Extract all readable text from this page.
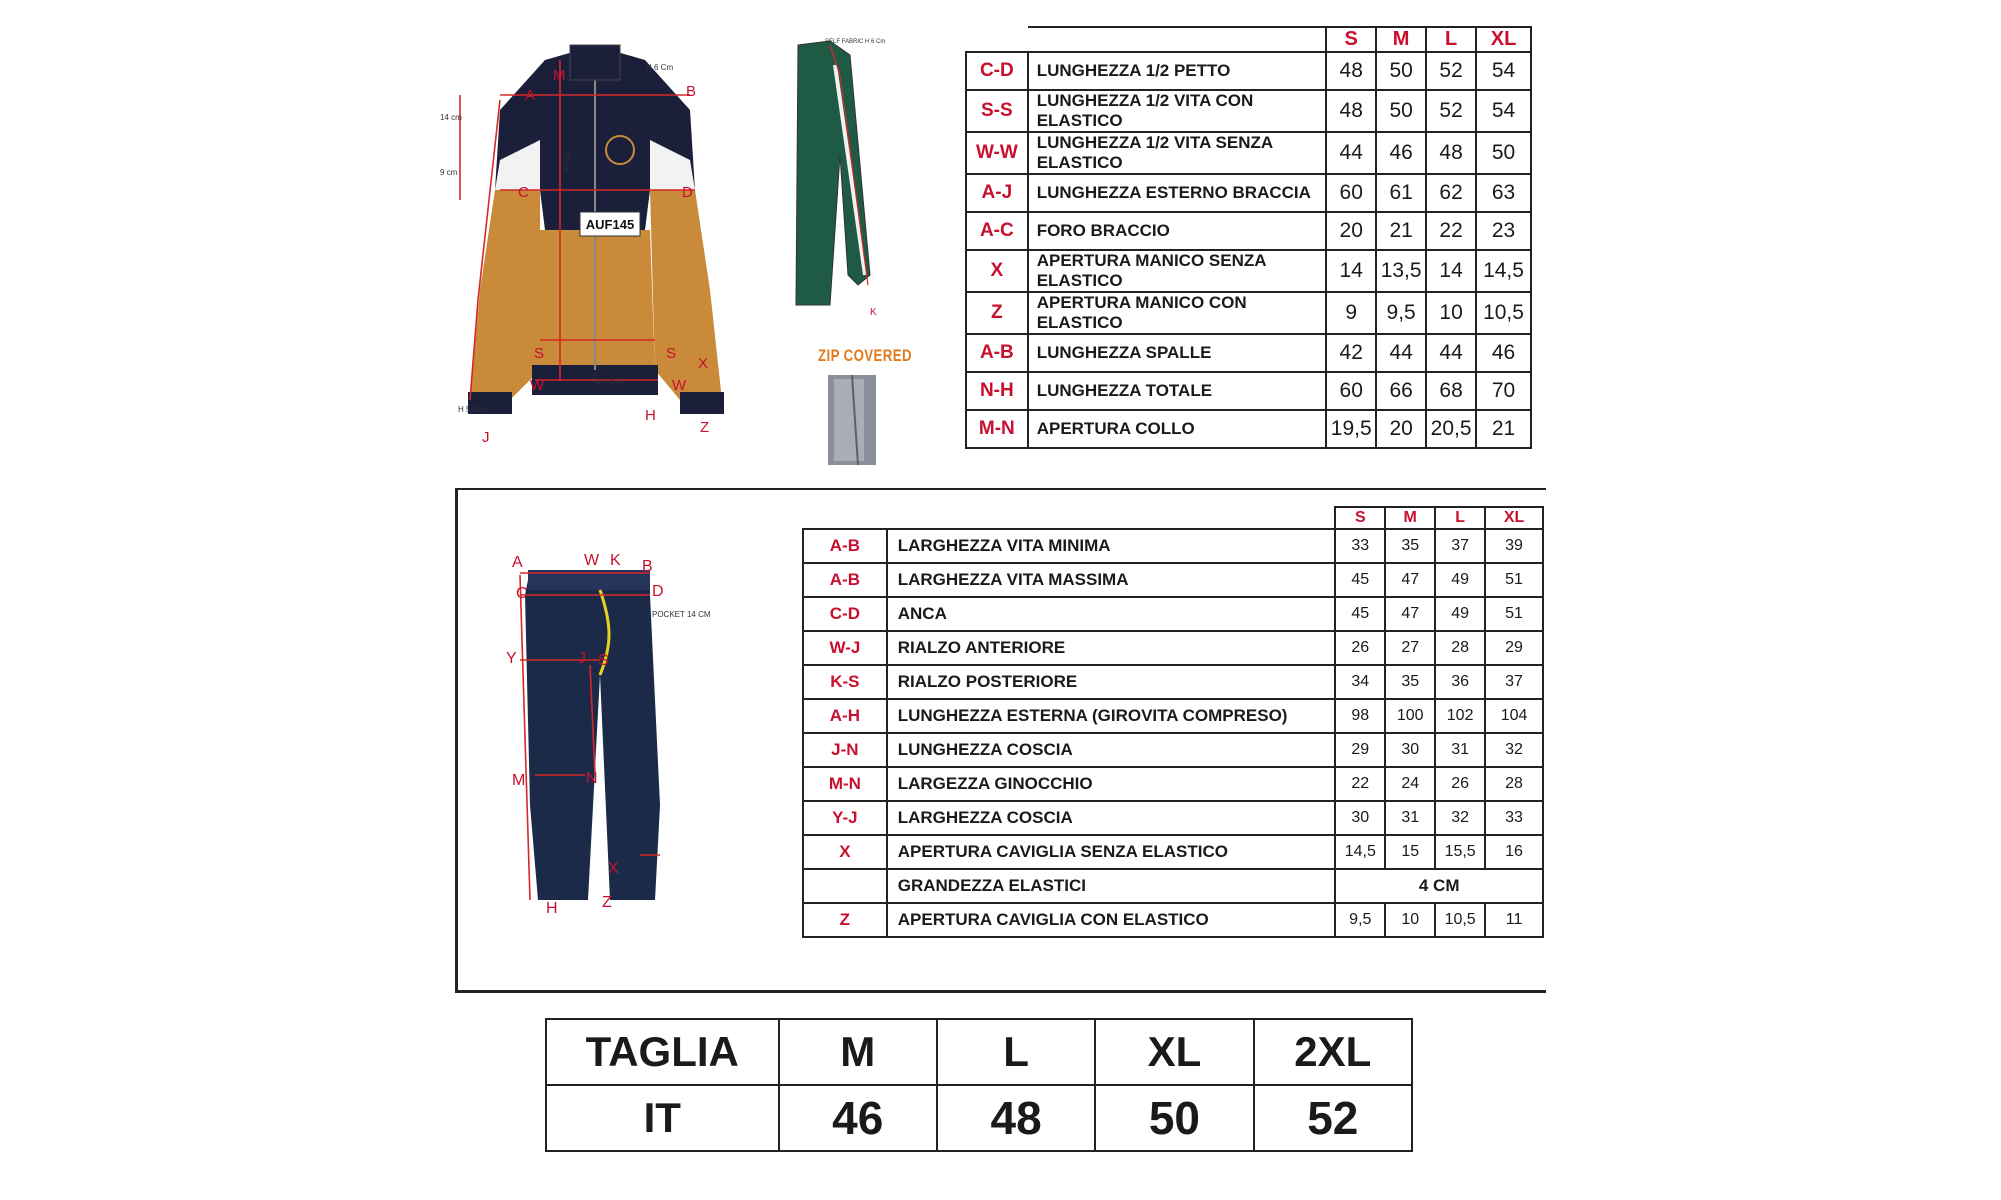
AUF145
A
M
B
C	D
S	S
X
W	W
H
Z
J
H 6 Cm
H 5 Cm
H 5 Cm
14 cm
9 cm
37 cm
SELF FABRIC H 6 Cm
K
ZIP COVERED
		S	M	L	XL
C-D	LUNGHEZZA 1/2 PETTO	48	50	52	54
S-S	LUNGHEZZA 1/2 VITA CON ELASTICO	48	50	52	54
W-W	LUNGHEZZA 1/2 VITA SENZA ELASTICO	44	46	48	50
A-J	LUNGHEZZA ESTERNO BRACCIA	60	61	62	63
A-C	FORO BRACCIO	20	21	22	23
X	APERTURA MANICO SENZA ELASTICO	14	13,5	14	14,5
Z	APERTURA MANICO CON ELASTICO	9	9,5	10	10,5
A-B	LUNGHEZZA SPALLE	42	44	44	46
N-H	LUNGHEZZA TOTALE	60	66	68	70
M-N	APERTURA COLLO	19,5	20	20,5	21
A	W K B
C	D
Y	J S
M	N
X
H	Z
POCKET 14 CM
		S	M	L	XL
A-B	LARGHEZZA VITA MINIMA	33	35	37	39
A-B	LARGHEZZA VITA MASSIMA	45	47	49	51
C-D	ANCA	45	47	49	51
W-J	RIALZO ANTERIORE	26	27	28	29
K-S	RIALZO POSTERIORE	34	35	36	37
A-H	LUNGHEZZA ESTERNA (GIROVITA COMPRESO)	98	100	102	104
J-N	LUNGHEZZA COSCIA	29	30	31	32
M-N	LARGEZZA GINOCCHIO	22	24	26	28
Y-J	LARGHEZZA COSCIA	30	31	32	33
X	APERTURA CAVIGLIA SENZA ELASTICO	14,5	15	15,5	16
	GRANDEZZA ELASTICI	4 CM			
Z	APERTURA CAVIGLIA CON ELASTICO	9,5	10	10,5	11
TAGLIA	M	L	XL	2XL
IT	46	48	50	52
